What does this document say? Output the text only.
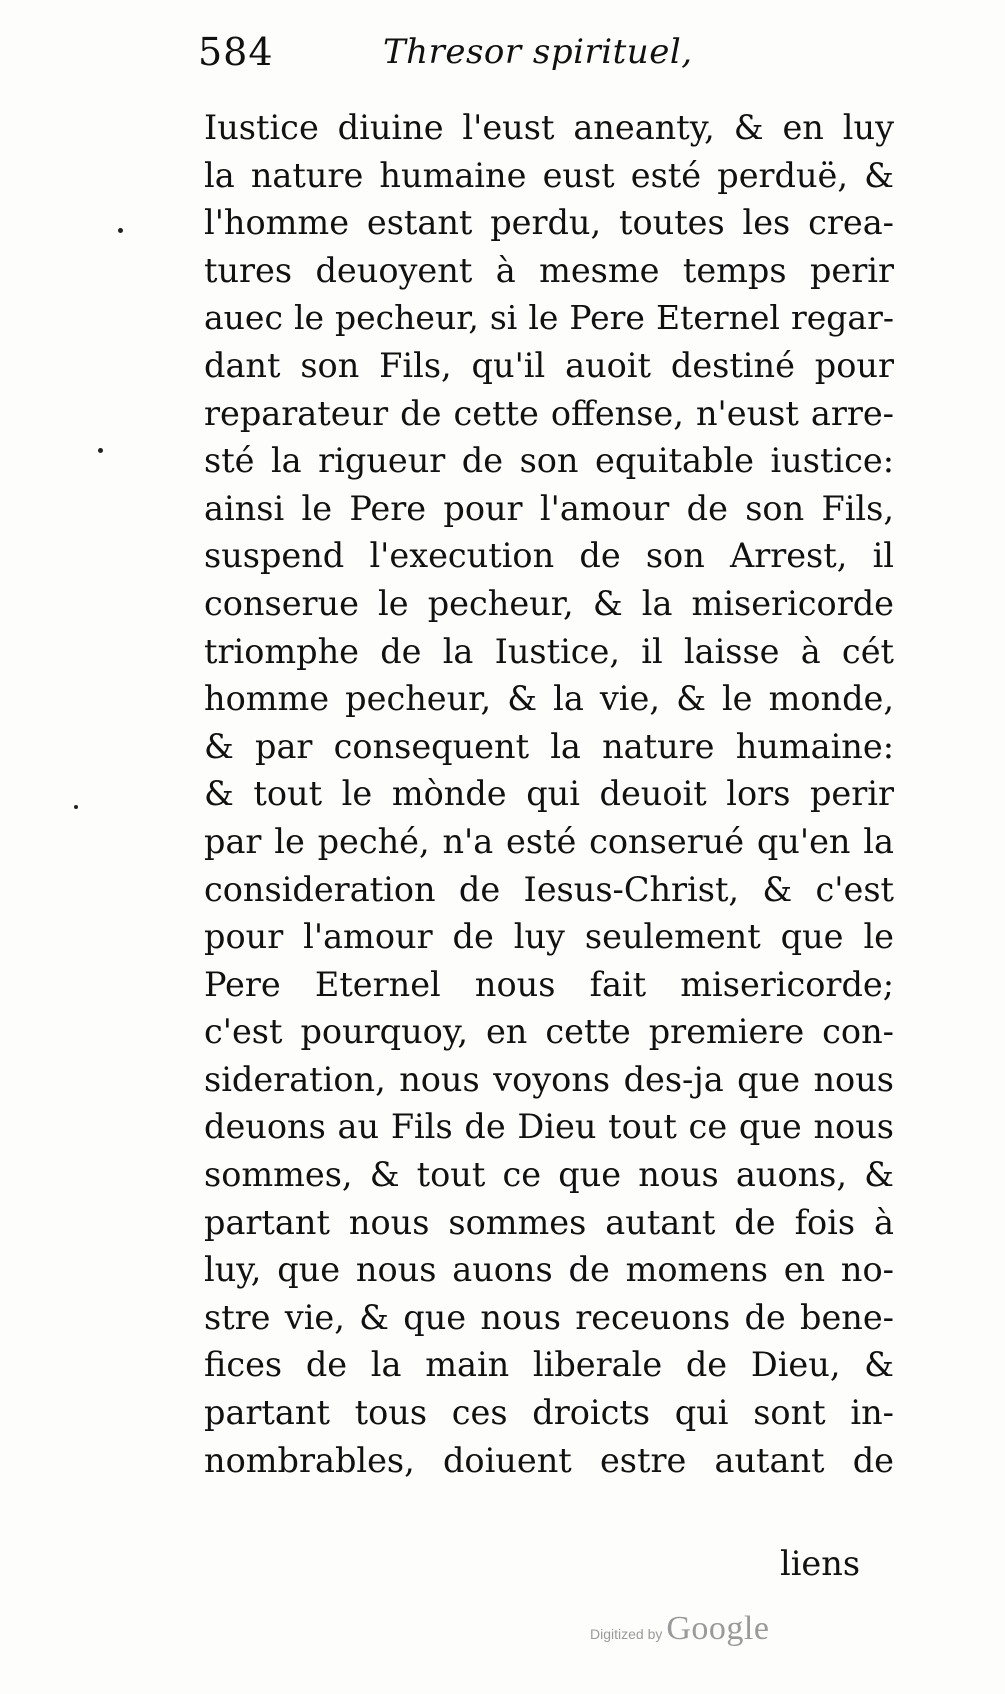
584	Thresor spirituel,
Iustice diuine l'eust aneanty, & en luy
la nature humaine eust esté perduë, &
l'homme estant perdu, toutes les crea-
tures deuoyent à mesme temps perir
auec le pecheur, si le Pere Eternel regar-
dant son Fils, qu'il auoit destiné pour
reparateur de cette offense, n'eust arre-
sté la rigueur de son equitable iustice:
ainsi le Pere pour l'amour de son Fils,
suspend l'execution de son Arrest, il
conserue le pecheur, & la misericorde
triomphe de la Iustice, il laisse à cét
homme pecheur, & la vie, & le monde,
& par consequent la nature humaine:
& tout le mònde qui deuoit lors perir
par le peché, n'a esté conserué qu'en la
consideration de Iesus-Christ, & c'est
pour l'amour de luy seulement que le
Pere Eternel nous fait misericorde;
c'est pourquoy, en cette premiere con-
sideration, nous voyons des-ja que nous
deuons au Fils de Dieu tout ce que nous
sommes, & tout ce que nous auons, &
partant nous sommes autant de fois à
luy, que nous auons de momens en no-
stre vie, & que nous receuons de bene-
fices de la main liberale de Dieu, &
partant tous ces droicts qui sont in-
nombrables, doiuent estre autant de
liens
Digitized by Google
